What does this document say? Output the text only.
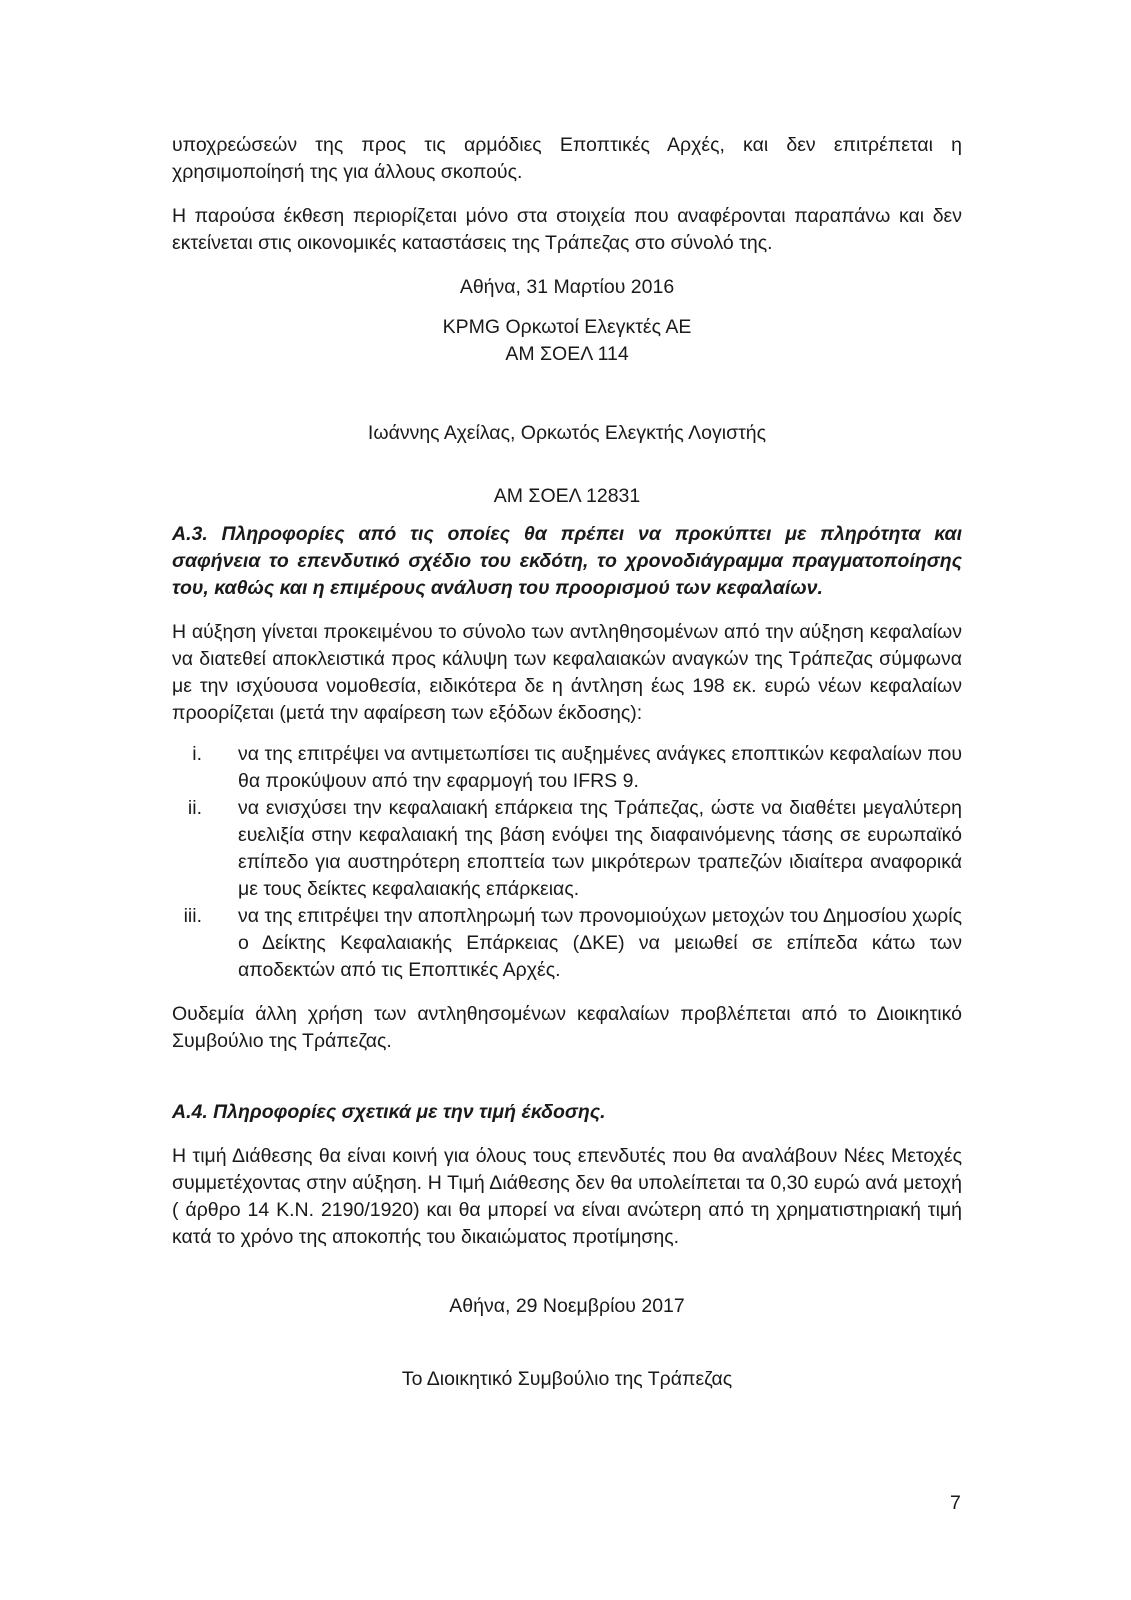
υποχρεώσεών της προς τις αρμόδιες Εποπτικές Αρχές, και δεν επιτρέπεται η χρησιμοποίησή της για άλλους σκοπούς.

Η παρούσα έκθεση περιορίζεται μόνο στα στοιχεία που αναφέρονται παραπάνω και δεν εκτείνεται στις οικονομικές καταστάσεις της Τράπεζας στο σύνολό της.

Αθήνα, 31 Μαρτίου 2016

KPMG Ορκωτοί Ελεγκτές ΑΕ

ΑΜ ΣΟΕΛ 114

Ιωάννης Αχείλας, Ορκωτός Ελεγκτής Λογιστής

ΑΜ ΣΟΕΛ 12831

Α.3. Πληροφορίες από τις οποίες θα πρέπει να προκύπτει με πληρότητα και σαφήνεια το επενδυτικό σχέδιο του εκδότη, το χρονοδιάγραμμα πραγματοποίησης του, καθώς και η επιμέρους ανάλυση του προορισμού των κεφαλαίων.

Η αύξηση γίνεται προκειμένου το σύνολο των αντληθησομένων από την αύξηση κεφαλαίων να διατεθεί αποκλειστικά προς κάλυψη των κεφαλαιακών αναγκών της Τράπεζας σύμφωνα με την ισχύουσα νομοθεσία, ειδικότερα δε η άντληση έως 198 εκ. ευρώ νέων κεφαλαίων προορίζεται (μετά την αφαίρεση των εξόδων έκδοσης):

i.	να της επιτρέψει να αντιμετωπίσει τις αυξημένες ανάγκες εποπτικών κεφαλαίων που θα προκύψουν από την εφαρμογή του IFRS 9.
ii.	να ενισχύσει την κεφαλαιακή επάρκεια της Τράπεζας, ώστε να διαθέτει μεγαλύτερη ευελιξία στην κεφαλαιακή της βάση ενόψει της διαφαινόμενης τάσης σε ευρωπαϊκό επίπεδο για αυστηρότερη εποπτεία των μικρότερων τραπεζών ιδιαίτερα αναφορικά με τους δείκτες κεφαλαιακής επάρκειας.
iii.	να της επιτρέψει την αποπληρωμή των προνομιούχων μετοχών του Δημοσίου χωρίς ο Δείκτης Κεφαλαιακής Επάρκειας (ΔΚΕ) να μειωθεί σε επίπεδα κάτω των αποδεκτών από τις Εποπτικές Αρχές.

Ουδεμία άλλη χρήση των αντληθησομένων κεφαλαίων προβλέπεται από το Διοικητικό Συμβούλιο της Τράπεζας.

Α.4. Πληροφορίες σχετικά με την τιμή έκδοσης.

Η τιμή Διάθεσης θα είναι κοινή για όλους τους επενδυτές που θα αναλάβουν Νέες Μετοχές συμμετέχοντας στην αύξηση. Η Τιμή Διάθεσης δεν θα υπολείπεται τα 0,30 ευρώ ανά μετοχή ( άρθρο 14 Κ.Ν. 2190/1920) και θα μπορεί να είναι ανώτερη από τη χρηματιστηριακή τιμή κατά το χρόνο της αποκοπής του δικαιώματος προτίμησης.

Αθήνα, 29 Νοεμβρίου 2017

Το Διοικητικό Συμβούλιο της Τράπεζας

7
